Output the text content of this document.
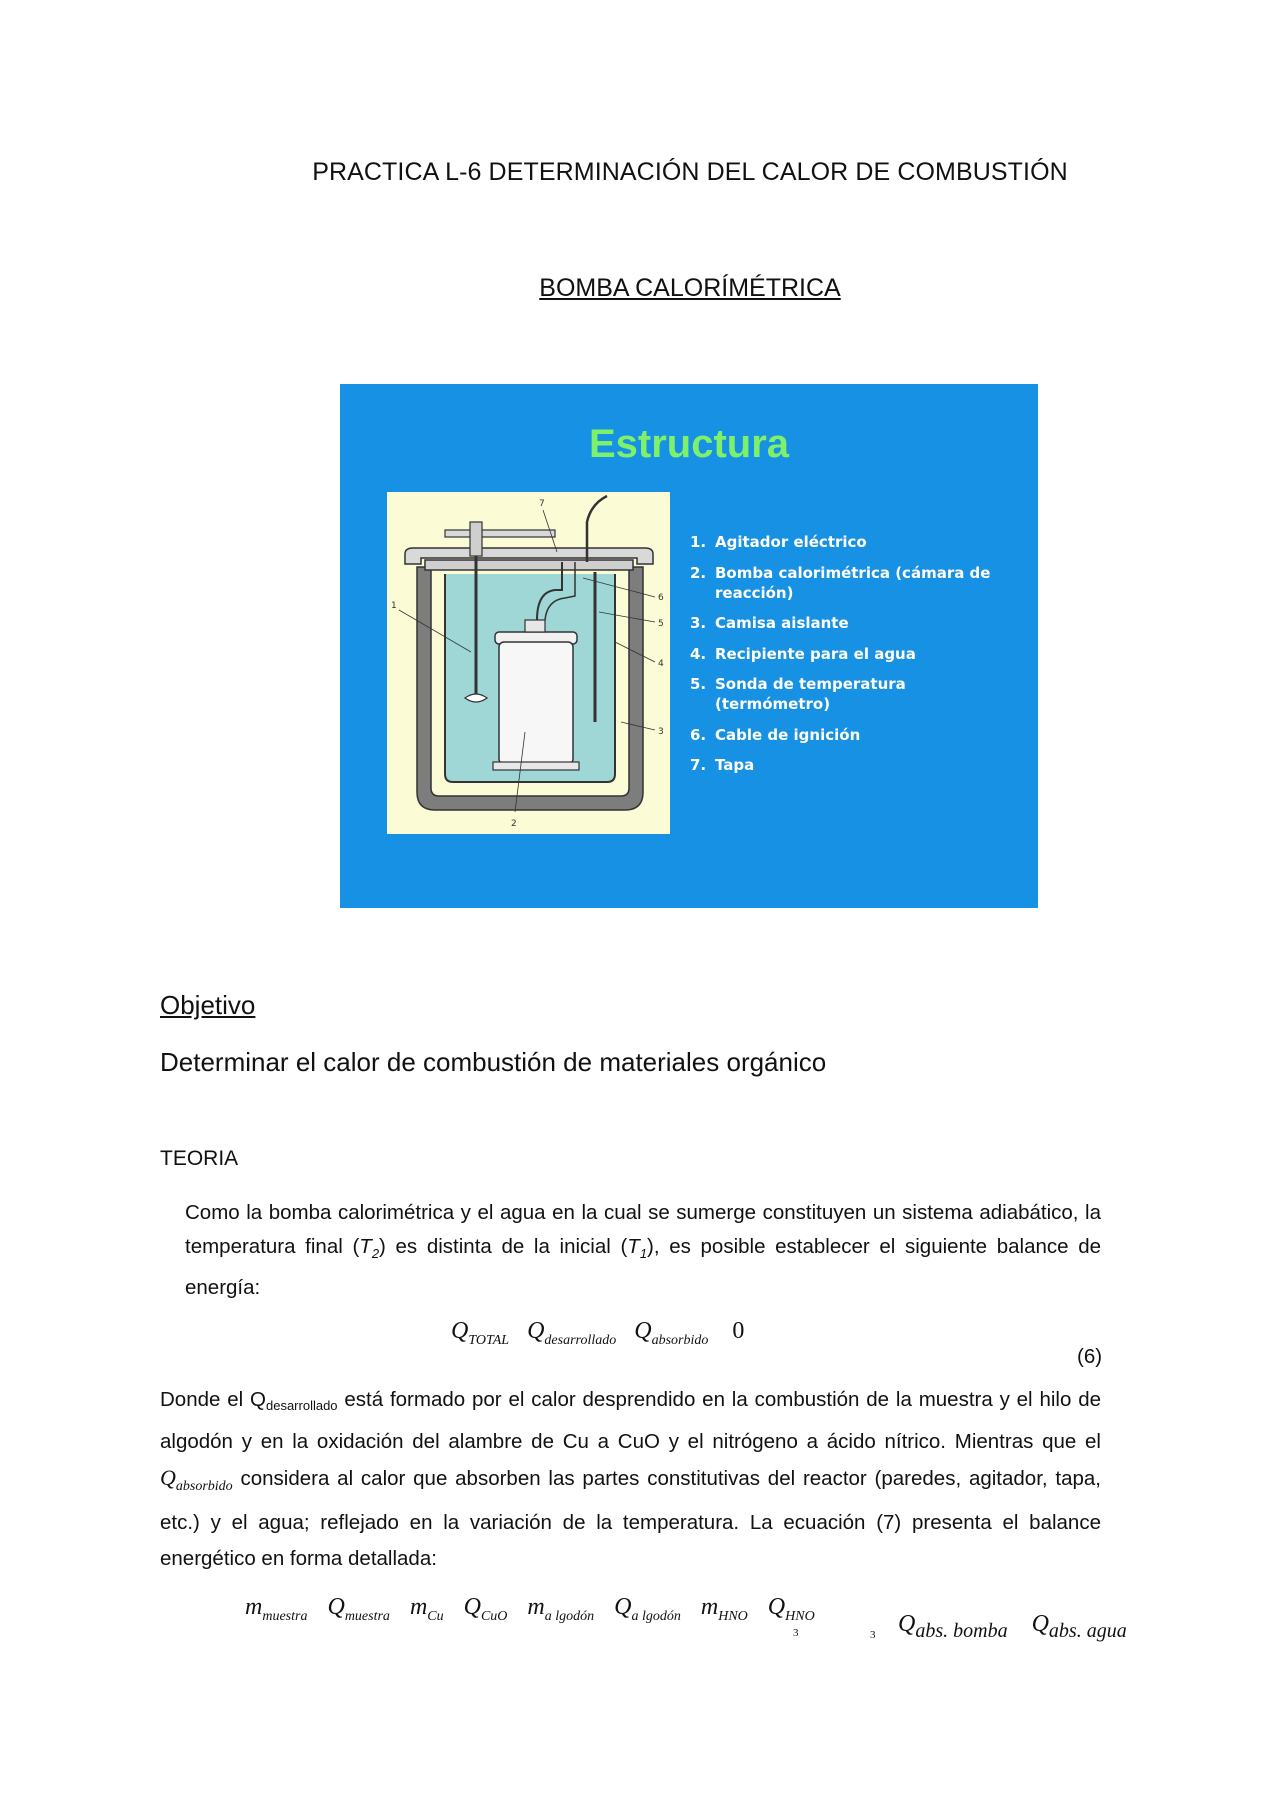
PRACTICA L-6 DETERMINACIÓN DEL CALOR DE COMBUSTIÓN
BOMBA CALORÍMÉTRICA
Estructura
1
2
3
4
5
6
7
1. Agitador eléctrico
2. Bomba calorimétrica (cámara de reacción)
3. Camisa aislante
4. Recipiente para el agua
5. Sonda de temperatura (termómetro)
6. Cable de ignición
7. Tapa
Objetivo
Determinar el calor de combustión de materiales orgánico
TEORIA
Como la bomba calorimétrica y el agua en la cual se sumerge constituyen un sistema adiabático, la temperatura final $(T_2)$ es distinta de la inicial $(T_1)$, es posible establecer el siguiente balance de energía:
$Q_{TOTAL}$ $Q_{desarrollado}$ $Q_{absorbido}$ 0
(6)
Donde el $Q_{desarrollado}$ está formado por el calor desprendido en la combustión de la muestra y el hilo de algodón y en la oxidación del alambre de Cu a CuO y el nitrógeno a ácido nítrico. Mientras que el $Q_{absorbido}$ considera al calor que absorben las partes constitutivas del reactor (paredes, agitador, tapa, etc.) y el agua; reflejado en la variación de la temperatura. La ecuación (7) presenta el balance energético en forma detallada:
$m_{muestra}$ $Q_{muestra}$ $m_{Cu}$ $Q_{CuO}$ $m_{a lgodón}$ $Q_{a lgodón}$ $m_{HNO}$ $Q_{HNO}$
3	3 $Q_{abs. bomba}$ $Q_{abs. agua}$
